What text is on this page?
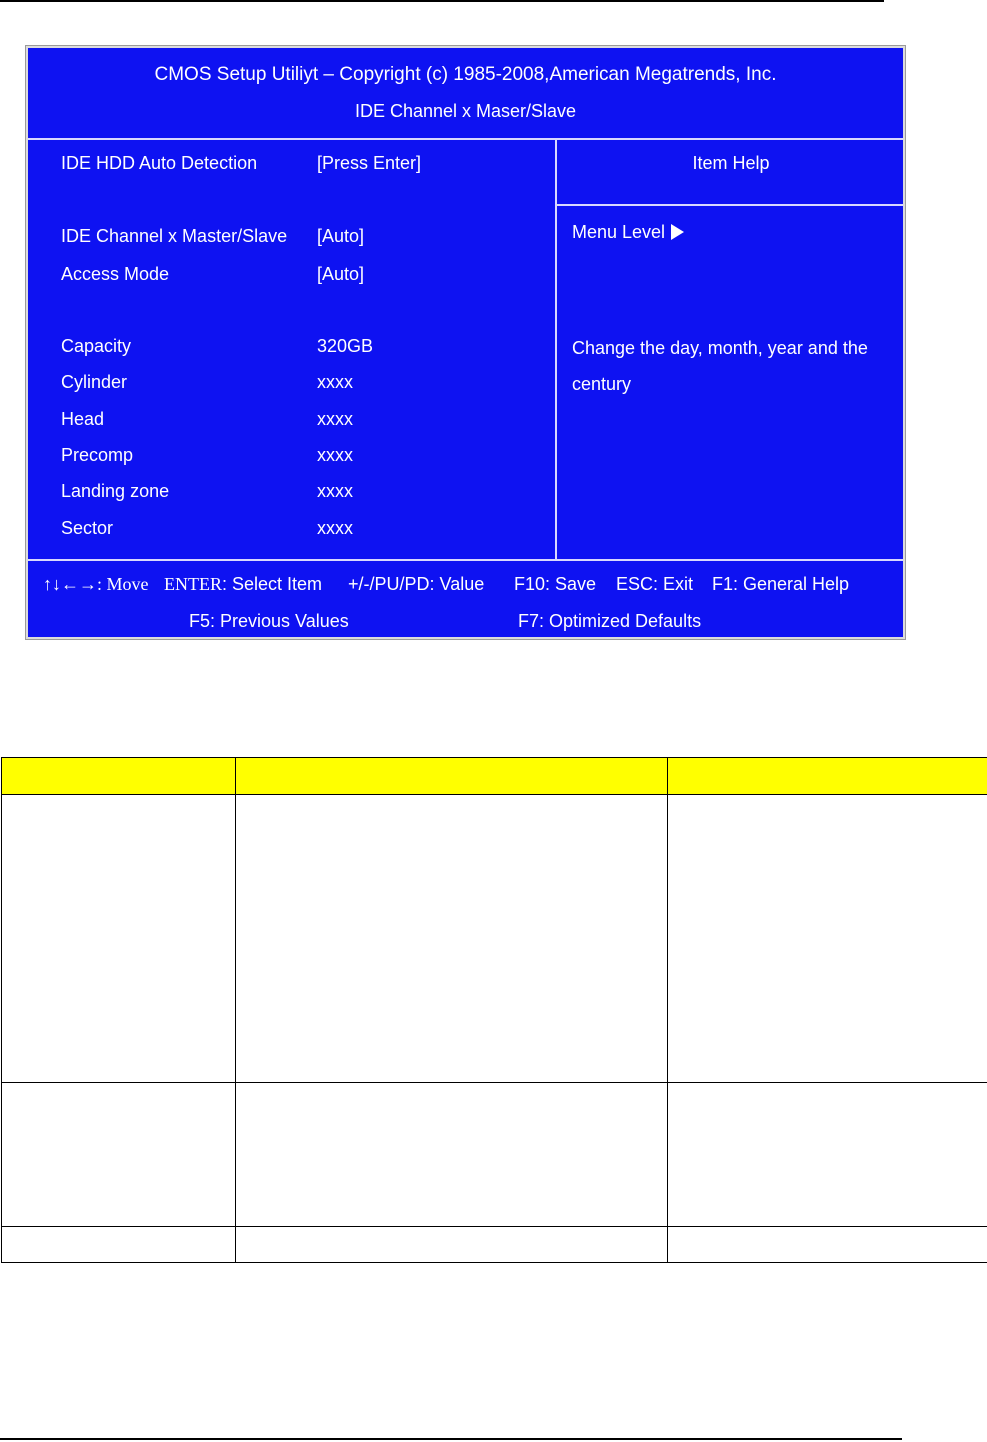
CMOS Setup Utiliyt – Copyright (c) 1985-2008,American Megatrends, Inc.
IDE Channel x Maser/Slave
IDE HDD Auto Detection	[Press Enter]
IDE Channel x Master/Slave [Auto]
Access Mode	[Auto]
Capacity	320GB
Cylinder	xxxx
Head	xxxx
Precomp	xxxx
Landing zone	xxxx
Sector	xxxx
Item Help
Menu Level
Change the day, month, year and the century
↑↓←→: Move ENTER: Select Item +/-/PU/PD: Value F10: Save ESC: Exit F1: General Help
F5: Previous Values	F7: Optimized Defaults
